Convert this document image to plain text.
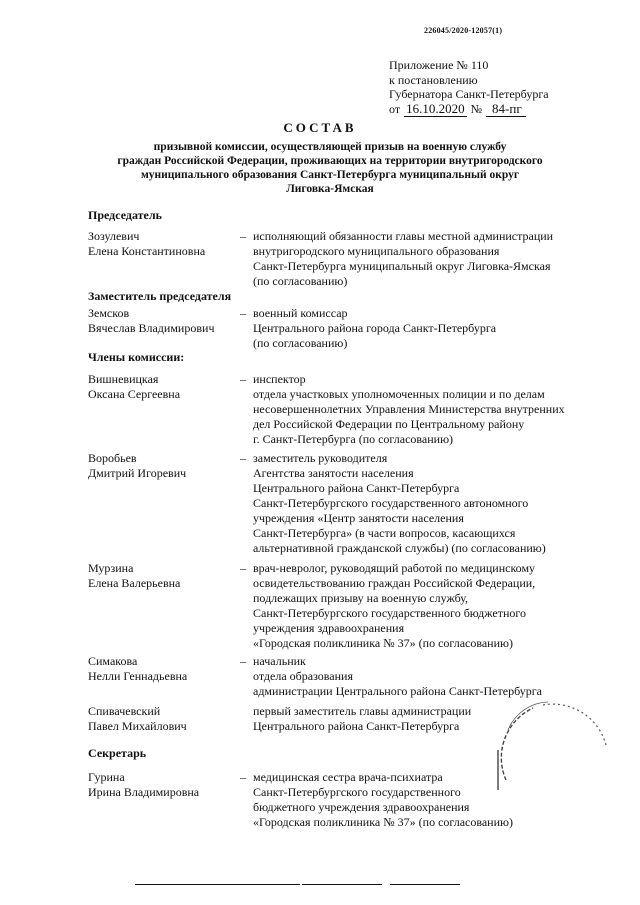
226045/2020-12057(1)
Приложение № 110
к постановлению
Губернатора Санкт-Петербурга
от 16.10.2020 № 84-пг
СОСТАВ
призывной комиссии, осуществляющей призыв на военную службу
граждан Российской Федерации, проживающих на территории внутригородского
муниципального образования Санкт-Петербурга муниципальный округ
Лиговка-Ямская
Председатель
Зозулевич
Елена Константиновна
– исполняющий обязанности главы местной администрации
внутригородского муниципального образования
Санкт-Петербурга муниципальный округ Лиговка-Ямская
(по согласованию)
Заместитель председателя
Земсков
Вячеслав Владимирович
– военный комиссар
Центрального района города Санкт-Петербурга
(по согласованию)
Члены комиссии:
Вишневицкая
Оксана Сергеевна
– инспектор
отдела участковых уполномоченных полиции и по делам
несовершеннолетних Управления Министерства внутренних
дел Российской Федерации по Центральному району
г. Санкт-Петербурга (по согласованию)
Воробьев
Дмитрий Игоревич
– заместитель руководителя
Агентства занятости населения
Центрального района Санкт-Петербурга
Санкт-Петербургского государственного автономного
учреждения «Центр занятости населения
Санкт-Петербурга» (в части вопросов, касающихся
альтернативной гражданской службы) (по согласованию)
Мурзина
Елена Валерьевна
– врач-невролог, руководящий работой по медицинскому
освидетельствованию граждан Российской Федерации,
подлежащих призыву на военную службу,
Санкт-Петербургского государственного бюджетного
учреждения здравоохранения
«Городская поликлиника № 37» (по согласованию)
Симакова
Нелли Геннадьевна
– начальник
отдела образования
администрации Центрального района Санкт-Петербурга
Спивачевский
Павел Михайлович
первый заместитель главы администрации
Центрального района Санкт-Петербурга
Секретарь
Гурина
Ирина Владимировна
– медицинская сестра врача-психиатра
Санкт-Петербургского государственного
бюджетного учреждения здравоохранения
«Городская поликлиника № 37» (по согласованию)
